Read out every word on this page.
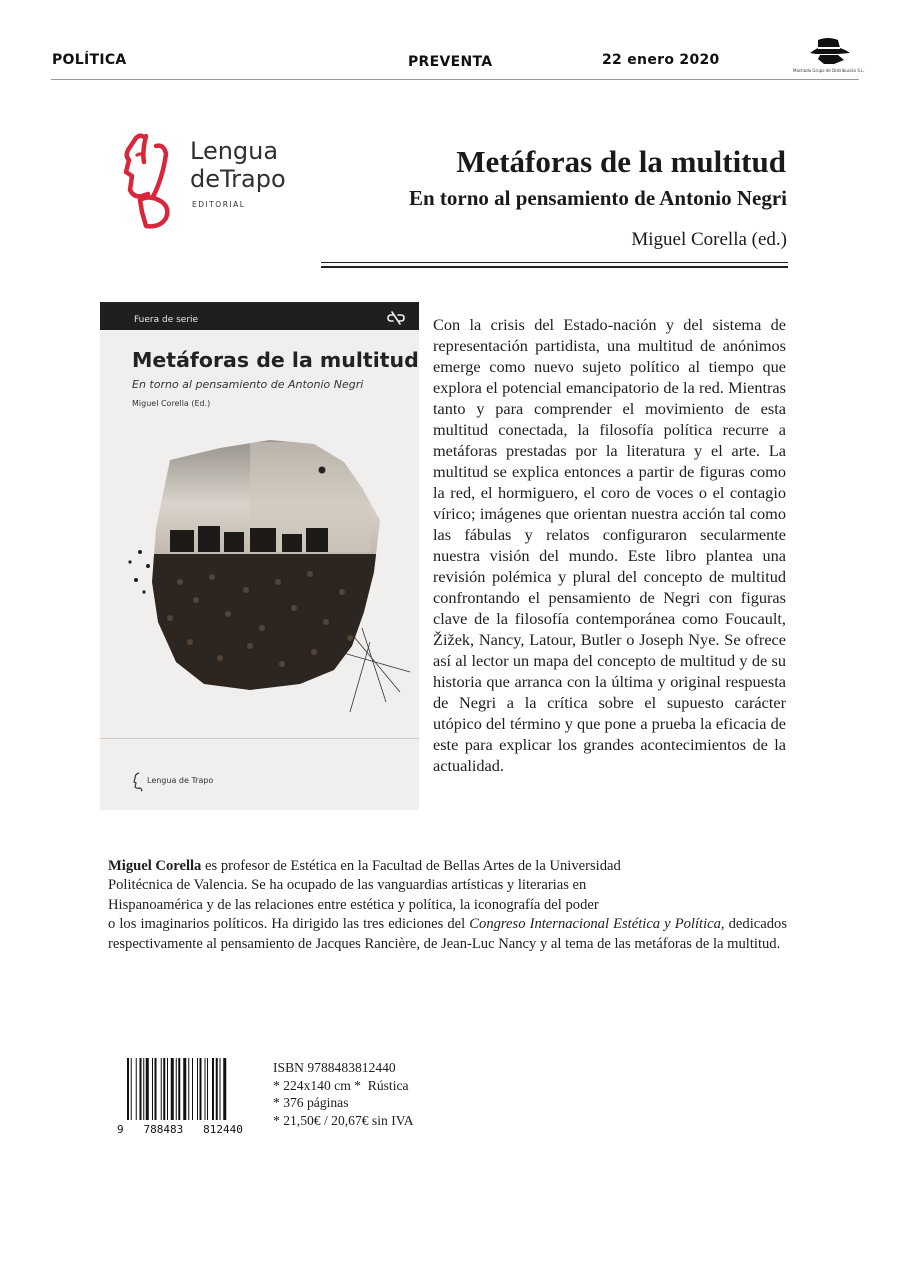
POLÍTICA	PREVENTA	22 enero 2020
Machado Grupo de Distribución S.L.
Lengua
deTrapo
EDITORIAL
Metáforas de la multitud
En torno al pensamiento de Antonio Negri
Miguel Corella (ed.)
Fuera de serie
Metáforas de la multitud
En torno al pensamiento de Antonio Negri
Miguel Corella (Ed.)
Lengua de Trapo
Con la crisis del Estado-nación y del sistema de representación partidista, una multitud de anónimos emerge como nuevo sujeto político al tiempo que explora el potencial emancipatorio de la red. Mientras tanto y para comprender el movimiento de esta multitud conectada, la filosofía política recurre a metáforas prestadas por la literatura y el arte. La multitud se explica entonces a partir de figuras como la red, el hormiguero, el coro de voces o el contagio vírico; imágenes que orientan nuestra acción tal como las fábulas y relatos configuraron secularmente nuestra visión del mundo. Este libro plantea una revisión polémica y plural del concepto de multitud confrontando el pensamiento de Negri con figuras clave de la filosofía contemporánea como Foucault, Žižek, Nancy, Latour, Butler o Joseph Nye. Se ofrece así al lector un mapa del concepto de multitud y de su historia que arranca con la última y original respuesta de Negri a la crítica sobre el supuesto carácter utópico del término y que pone a prueba la eficacia de este para explicar los grandes acontecimientos de la actualidad.

Miguel Corella es profesor de Estética en la Facultad de Bellas Artes de la Universidad

Politécnica de Valencia. Se ha ocupado de las vanguardias artísticas y literarias en

Hispanoamérica y de las relaciones entre estética y política, la iconografía del poder

o los imaginarios políticos. Ha dirigido las tres ediciones del Congreso Internacional Estética y Política, dedicados respectivamente al pensamiento de Jacques Rancière, de Jean-Luc Nancy y al tema de las metáforas de la multitud.

9   788483   812440
ISBN 9788483812440
* 224x140 cm *  Rústica
* 376 páginas
* 21,50€ / 20,67€ sin IVA
